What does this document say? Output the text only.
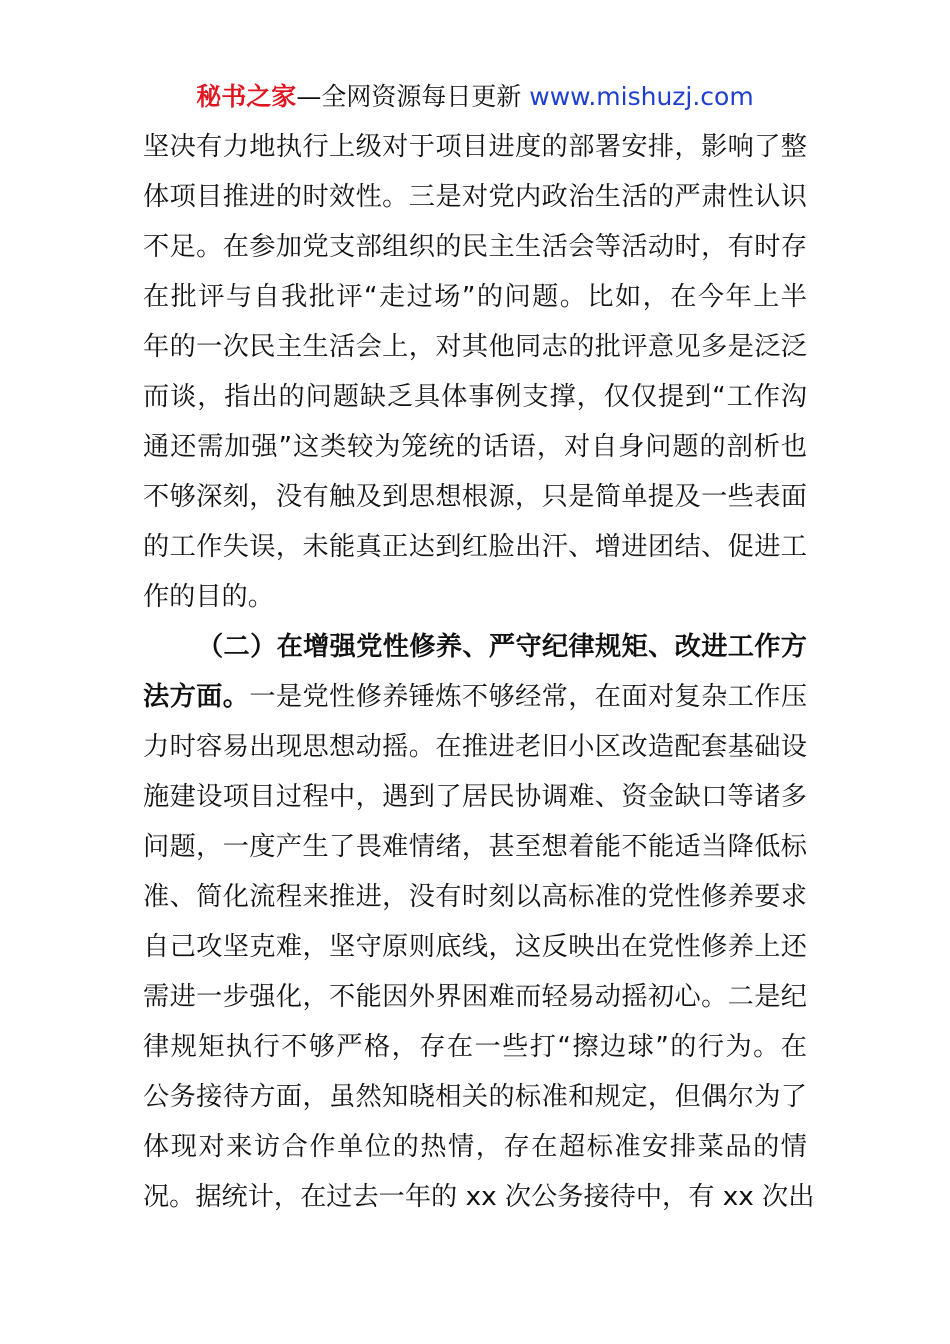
秘书之家—全网资源每日更新 www.mishuzj.com
坚决有力地执行上级对于项目进度的部署安排，影响了整
体项目推进的时效性。三是对党内政治生活的严肃性认识
不足。在参加党支部组织的民主生活会等活动时，有时存
在批评与自我批评“走过场”的问题。比如，在今年上半
年的一次民主生活会上，对其他同志的批评意见多是泛泛
而谈，指出的问题缺乏具体事例支撑，仅仅提到“工作沟
通还需加强”这类较为笼统的话语，对自身问题的剖析也
不够深刻，没有触及到思想根源，只是简单提及一些表面
的工作失误，未能真正达到红脸出汗、增进团结、促进工
作的目的。
（二）在增强党性修养、严守纪律规矩、改进工作方
法方面。一是党性修养锤炼不够经常，在面对复杂工作压
力时容易出现思想动摇。在推进老旧小区改造配套基础设
施建设项目过程中，遇到了居民协调难、资金缺口等诸多
问题，一度产生了畏难情绪，甚至想着能不能适当降低标
准、简化流程来推进，没有时刻以高标准的党性修养要求
自己攻坚克难，坚守原则底线，这反映出在党性修养上还
需进一步强化，不能因外界困难而轻易动摇初心。二是纪
律规矩执行不够严格，存在一些打“擦边球”的行为。在
公务接待方面，虽然知晓相关的标准和规定，但偶尔为了
体现对来访合作单位的热情，存在超标准安排菜品的情
况。据统计，在过去一年的 xx 次公务接待中，有 xx 次出
